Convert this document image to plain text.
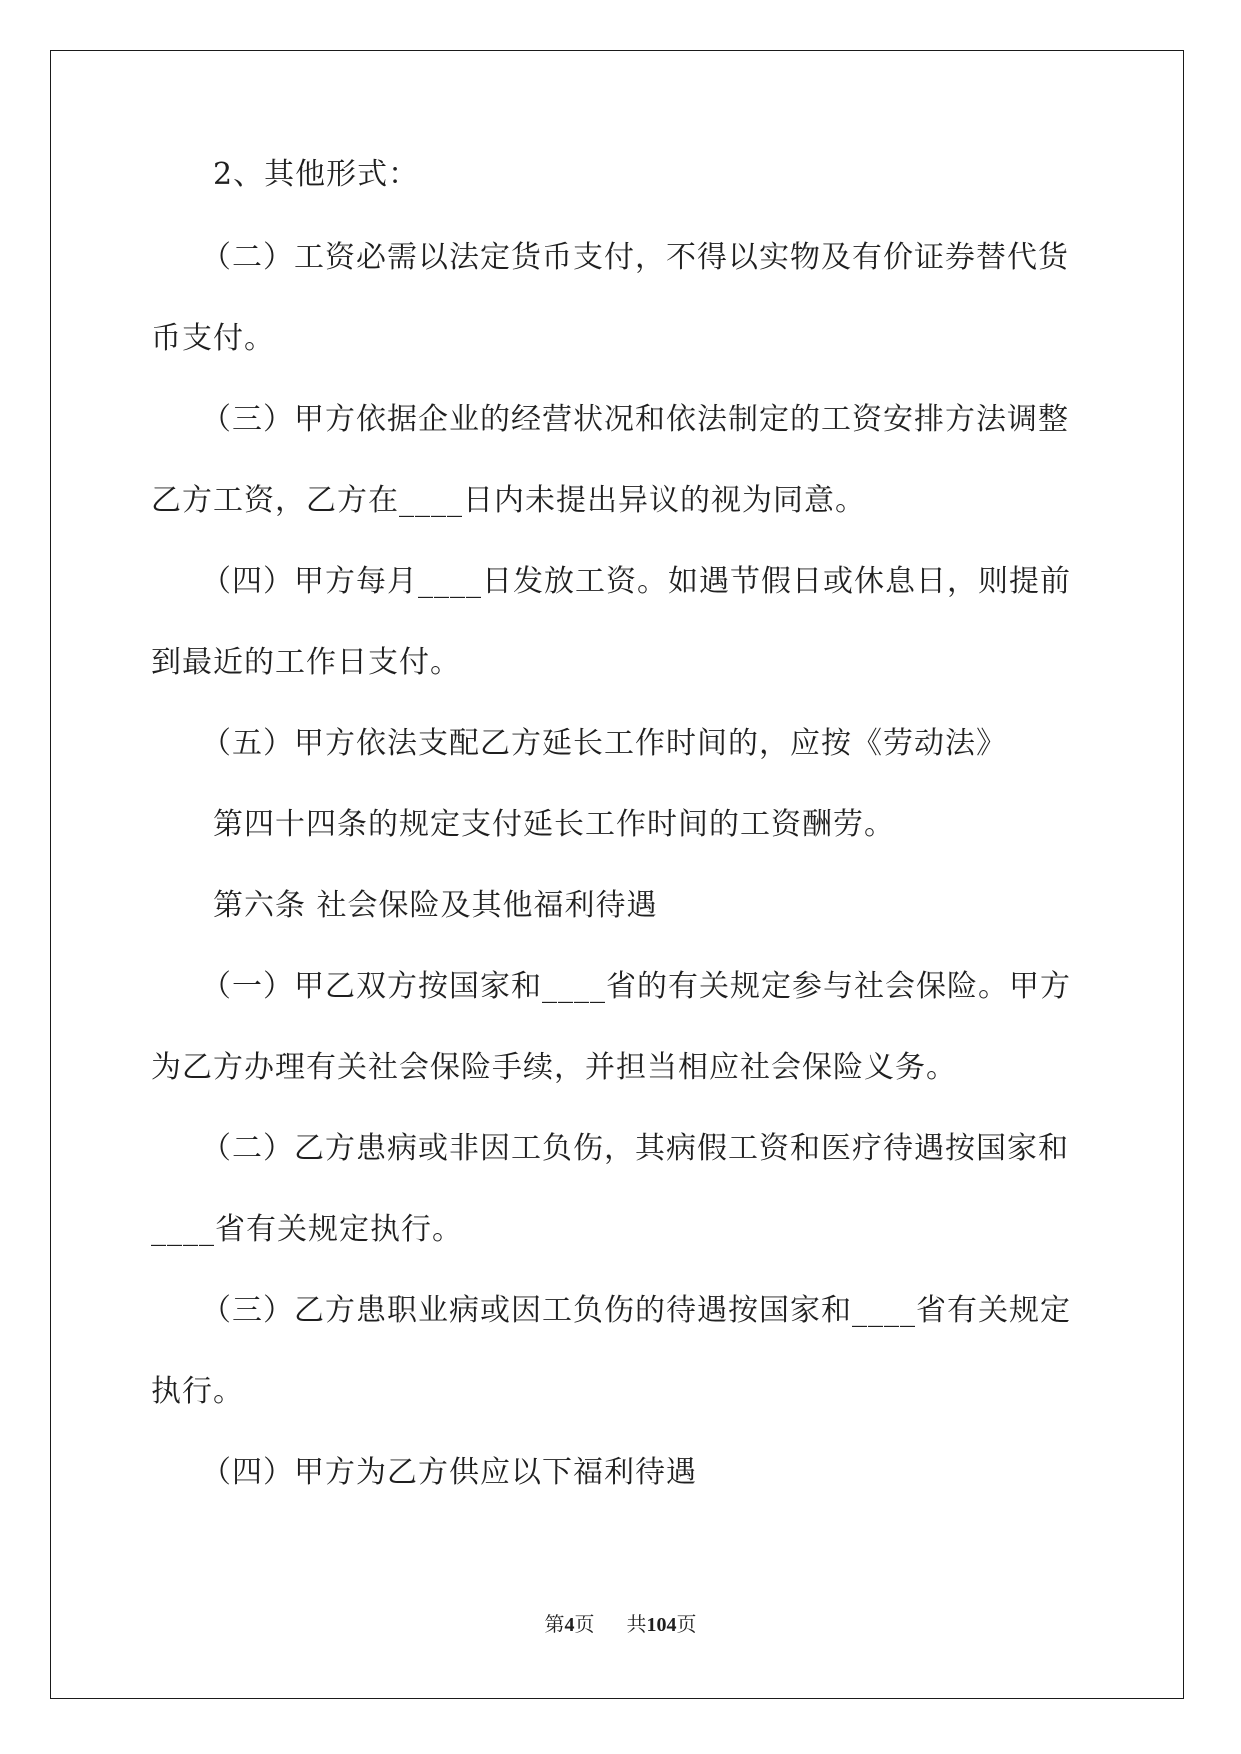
2、其他形式：
（二）工资必需以法定货币支付，不得以实物及有价证券替代货
币支付。
（三）甲方依据企业的经营状况和依法制定的工资安排方法调整
乙方工资，乙方在____日内未提出异议的视为同意。
（四）甲方每月____日发放工资。如遇节假日或休息日，则提前
到最近的工作日支付。
（五）甲方依法支配乙方延长工作时间的，应按《劳动法》
第四十四条的规定支付延长工作时间的工资酬劳。
第六条 社会保险及其他福利待遇
（一）甲乙双方按国家和____省的有关规定参与社会保险。甲方
为乙方办理有关社会保险手续，并担当相应社会保险义务。
（二）乙方患病或非因工负伤，其病假工资和医疗待遇按国家和
____省有关规定执行。
（三）乙方患职业病或因工负伤的待遇按国家和____省有关规定
执行。
（四）甲方为乙方供应以下福利待遇
第4页 共104页
